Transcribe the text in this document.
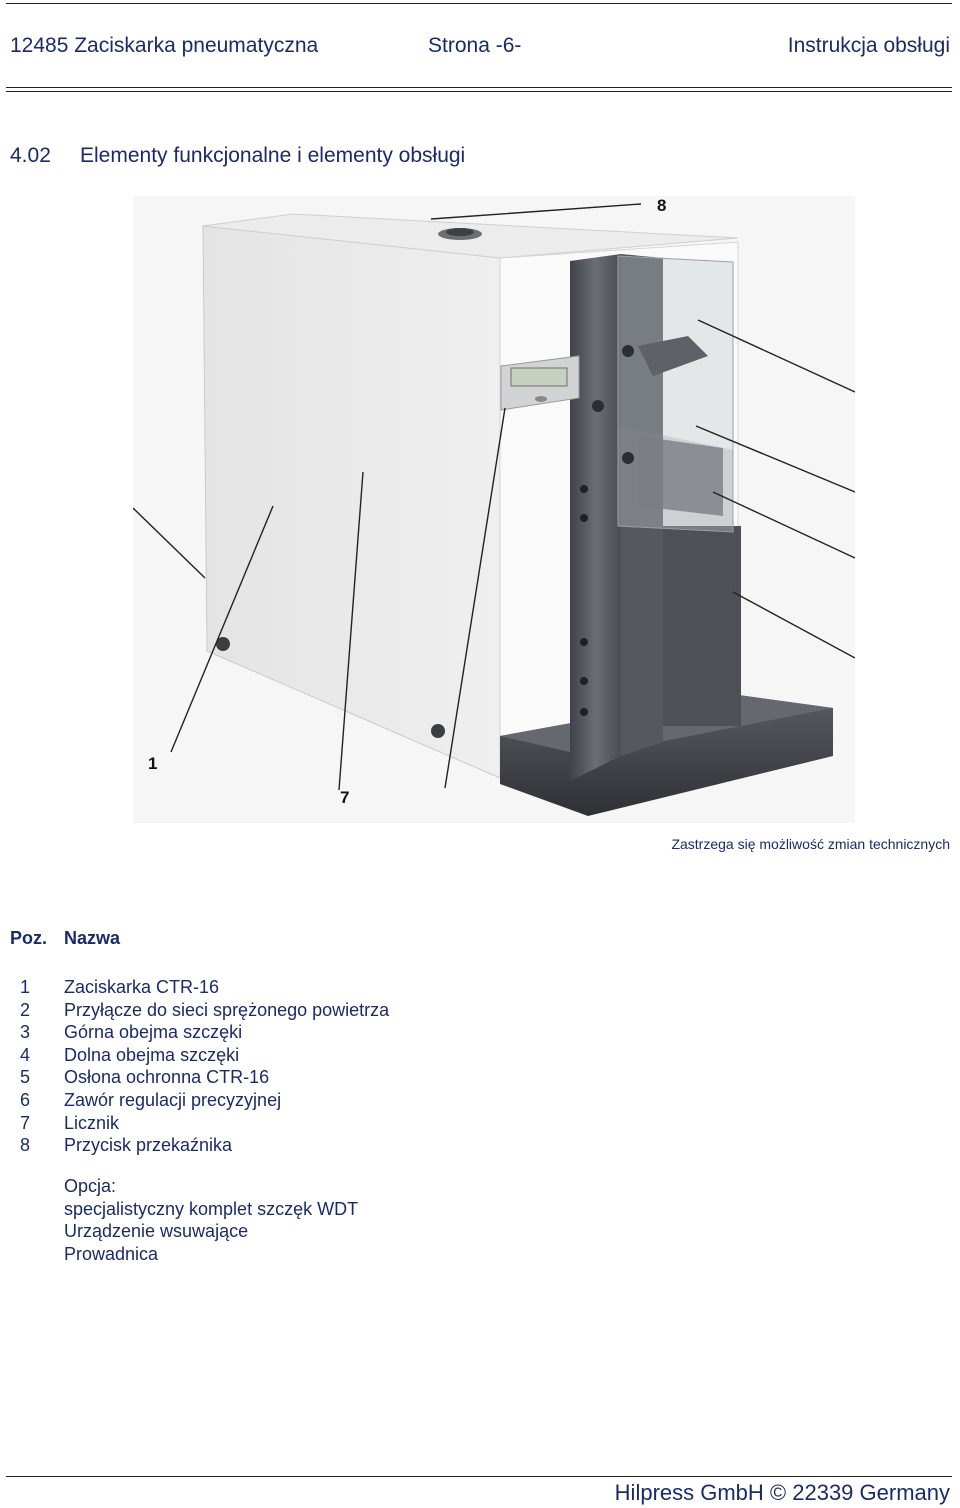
12485 Zaciskarka pneumatyczna	Strona -6-	Instrukcja obsługi
4.02 Elementy funkcjonalne i elementy obsługi
8
1
7
Zastrzega się możliwość zmian technicznych
Poz. Nazwa
1	Zaciskarka CTR-16
2	Przyłącze do sieci sprężonego powietrza
3	Górna obejma szczęki
4	Dolna obejma szczęki
5	Osłona ochronna CTR-16
6	Zawór regulacji precyzyjnej
7	Licznik
8	Przycisk przekaźnika
Opcja:
specjalistyczny komplet szczęk WDT
Urządzenie wsuwające
Prowadnica
Hilpress GmbH © 22339 Germany
